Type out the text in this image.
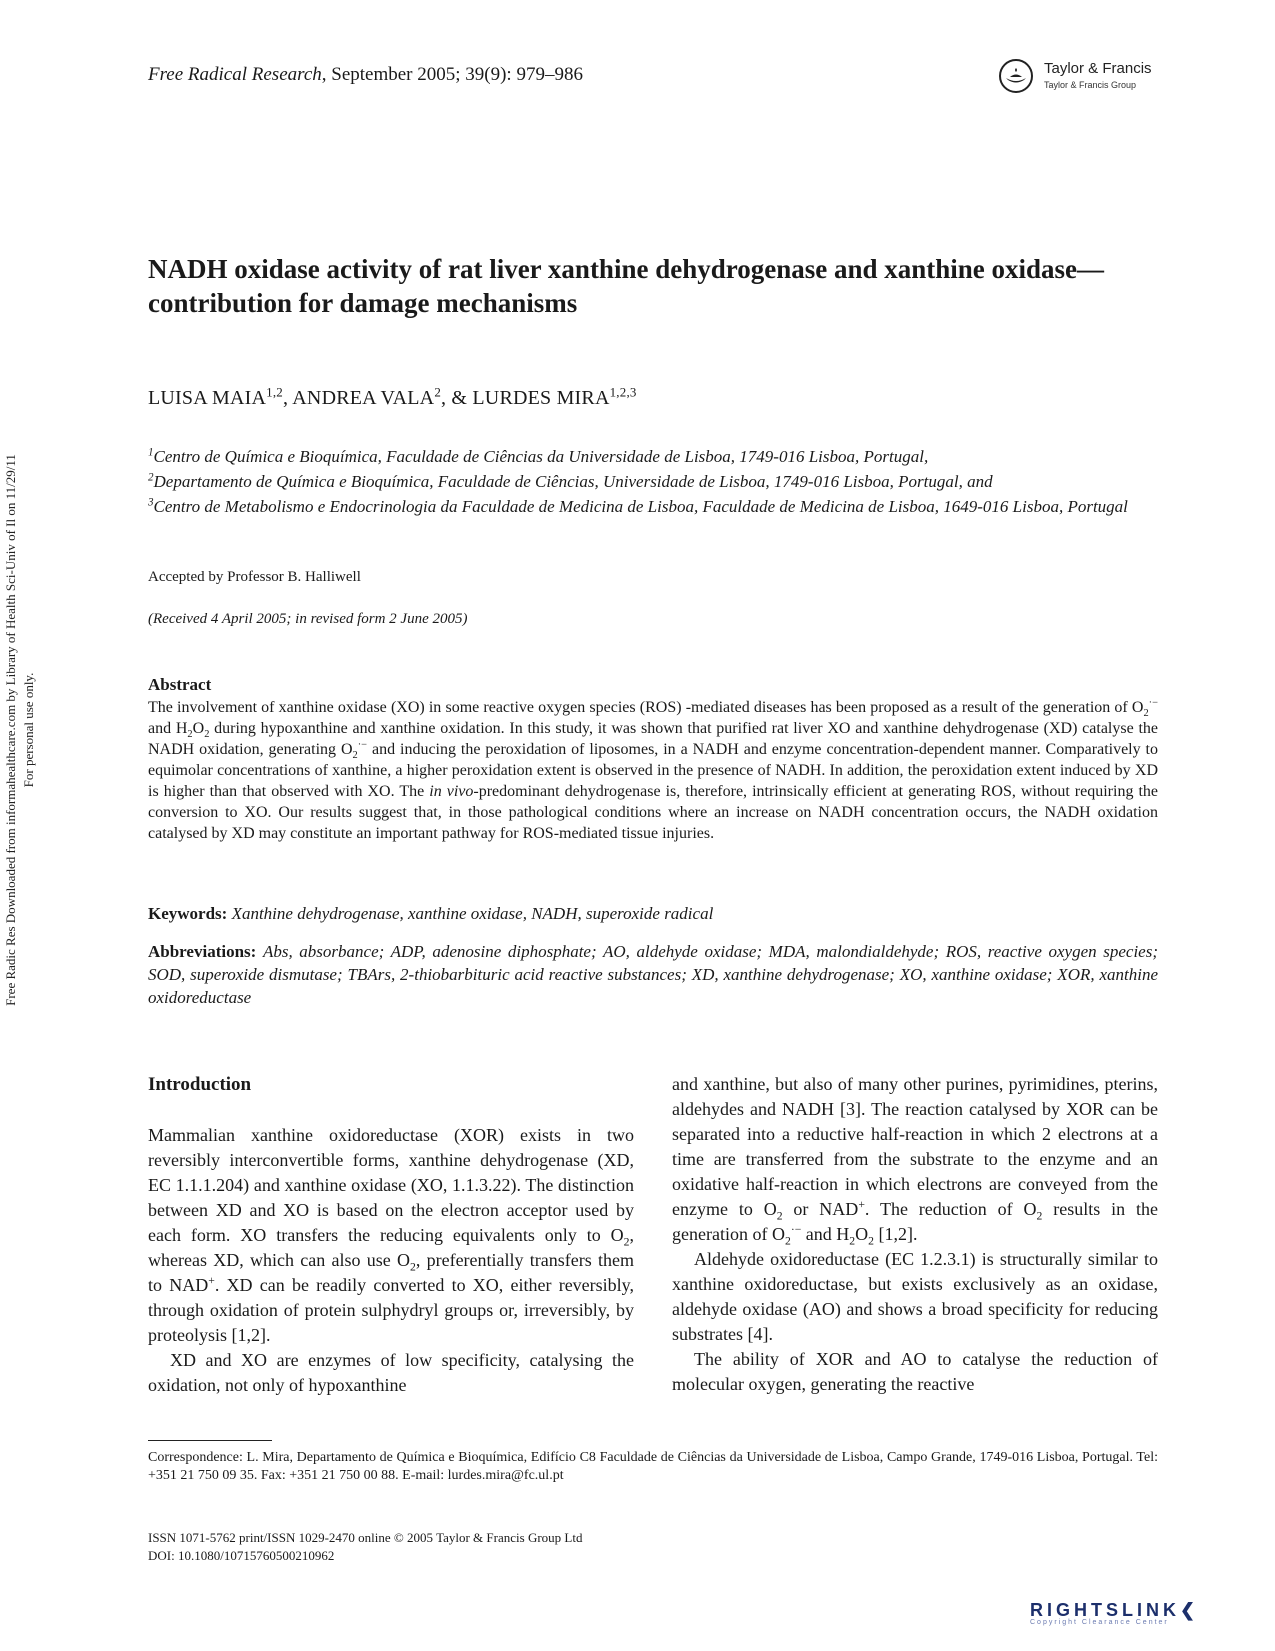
Free Radical Research, September 2005; 39(9): 979–986	Taylor & Francis
Taylor & Francis Group
Free Radic Res Downloaded from informahealthcare.com by Library of Health Sci-Univ of Il on 11/29/11 For personal use only.
NADH oxidase activity of rat liver xanthine dehydrogenase and xanthine oxidase—contribution for damage mechanisms
LUISA MAIA$^{1,2}$, ANDREA VALA$^2$, & LURDES MIRA$^{1,2,3}$
$^1$Centro de Química e Bioquímica, Faculdade de Ciências da Universidade de Lisboa, 1749-016 Lisboa, Portugal,
$^2$Departamento de Química e Bioquímica, Faculdade de Ciências, Universidade de Lisboa, 1749-016 Lisboa, Portugal, and
$^3$Centro de Metabolismo e Endocrinologia da Faculdade de Medicina de Lisboa, Faculdade de Medicina de Lisboa, 1649-016 Lisboa, Portugal
Accepted by Professor B. Halliwell
(Received 4 April 2005; in revised form 2 June 2005)
Abstract
The involvement of xanthine oxidase (XO) in some reactive oxygen species (ROS) -mediated diseases has been proposed as a result of the generation of $O_2^{\cdot-}$ and $H_2O_2$ during hypoxanthine and xanthine oxidation. In this study, it was shown that purified rat liver XO and xanthine dehydrogenase (XD) catalyse the NADH oxidation, generating $O_2^{\cdot-}$ and inducing the peroxidation of liposomes, in a NADH and enzyme concentration-dependent manner. Comparatively to equimolar concentrations of xanthine, a higher peroxidation extent is observed in the presence of NADH. In addition, the peroxidation extent induced by XD is higher than that observed with XO. The in vivo-predominant dehydrogenase is, therefore, intrinsically efficient at generating ROS, without requiring the conversion to XO. Our results suggest that, in those pathological conditions where an increase on NADH concentration occurs, the NADH oxidation catalysed by XD may constitute an important pathway for ROS-mediated tissue injuries.
Keywords: Xanthine dehydrogenase, xanthine oxidase, NADH, superoxide radical
Abbreviations: Abs, absorbance; ADP, adenosine diphosphate; AO, aldehyde oxidase; MDA, malondialdehyde; ROS, reactive oxygen species; SOD, superoxide dismutase; TBArs, 2-thiobarbituric acid reactive substances; XD, xanthine dehydrogenase; XO, xanthine oxidase; XOR, xanthine oxidoreductase

Introduction

Mammalian xanthine oxidoreductase (XOR) exists in two reversibly interconvertible forms, xanthine dehydrogenase (XD, EC 1.1.1.204) and xanthine oxidase (XO, 1.1.3.22). The distinction between XD and XO is based on the electron acceptor used by each form. XO transfers the reducing equivalents only to $O_2$, whereas XD, which can also use $O_2$, preferentially transfers them to NAD+. XD can be readily converted to XO, either reversibly, through oxidation of protein sulphydryl groups or, irreversibly, by proteolysis [1,2].

XD and XO are enzymes of low specificity, catalysing the oxidation, not only of hypoxanthine

and xanthine, but also of many other purines, pyrimidines, pterins, aldehydes and NADH [3]. The reaction catalysed by XOR can be separated into a reductive half-reaction in which 2 electrons at a time are transferred from the substrate to the enzyme and an oxidative half-reaction in which electrons are conveyed from the enzyme to $O_2$ or NAD+. The reduction of $O_2$ results in the generation of $O_2^{\cdot-}$ and $H_2O_2$ [1,2].

Aldehyde oxidoreductase (EC 1.2.3.1) is structurally similar to xanthine oxidoreductase, but exists exclusively as an oxidase, aldehyde oxidase (AO) and shows a broad specificity for reducing substrates [4].

The ability of XOR and AO to catalyse the reduction of molecular oxygen, generating the reactive

Correspondence: L. Mira, Departamento de Química e Bioquímica, Edifício C8 Faculdade de Ciências da Universidade de Lisboa, Campo Grande, 1749-016 Lisboa, Portugal. Tel: +351 21 750 09 35. Fax: +351 21 750 00 88. E-mail: lurdes.mira@fc.ul.pt
ISSN 1071-5762 print/ISSN 1029-2470 online © 2005 Taylor & Francis Group Ltd
DOI: 10.1080/10715760500210962
RIGHTSLINK❮
Copyright Clearance Center
